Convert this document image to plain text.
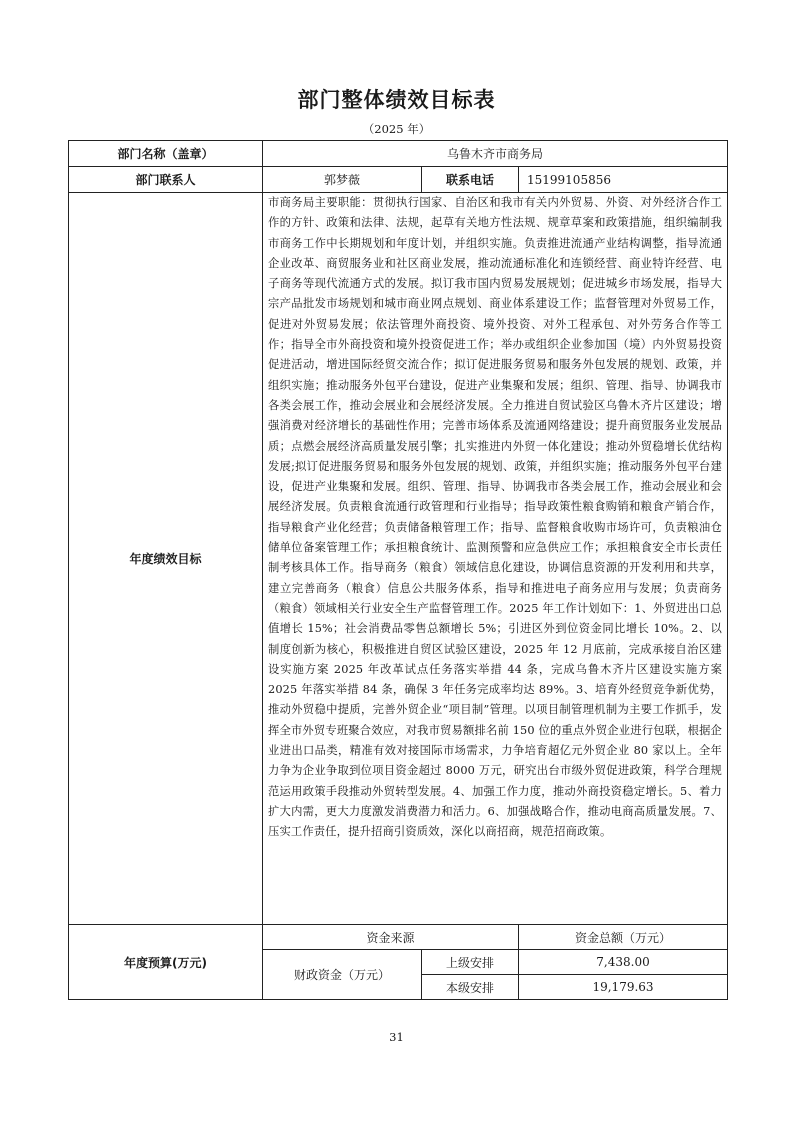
部门整体绩效目标表
（2025 年）
部门名称（盖章）	乌鲁木齐市商务局		
部门联系人	郭梦薇	联系电话	15199105856
年度绩效目标	市商务局主要职能：贯彻执行国家、自治区和我市有关内外贸易、外资、对外经济合作工作的方针、政策和法律、法规，起草有关地方性法规、规章草案和政策措施，组织编制我市商务工作中长期规划和年度计划，并组织实施。负责推进流通产业结构调整，指导流通企业改革、商贸服务业和社区商业发展，推动流通标准化和连锁经营、商业特许经营、电子商务等现代流通方式的发展。拟订我市国内贸易发展规划；促进城乡市场发展，指导大宗产品批发市场规划和城市商业网点规划、商业体系建设工作；监督管理对外贸易工作，促进对外贸易发展；依法管理外商投资、境外投资、对外工程承包、对外劳务合作等工作；指导全市外商投资和境外投资促进工作；举办或组织企业参加国（境）内外贸易投资促进活动，增进国际经贸交流合作；拟订促进服务贸易和服务外包发展的规划、政策，并组织实施；推动服务外包平台建设，促进产业集聚和发展；组织、管理、指导、协调我市各类会展工作，推动会展业和会展经济发展。全力推进自贸试验区乌鲁木齐片区建设；增强消费对经济增长的基础性作用；完善市场体系及流通网络建设；提升商贸服务业发展品质；点燃会展经济高质量发展引擎；扎实推进内外贸一体化建设；推动外贸稳增长优结构发展;拟订促进服务贸易和服务外包发展的规划、政策，并组织实施；推动服务外包平台建设，促进产业集聚和发展。组织、管理、指导、协调我市各类会展工作，推动会展业和会展经济发展。负责粮食流通行政管理和行业指导；指导政策性粮食购销和粮食产销合作，指导粮食产业化经营；负责储备粮管理工作；指导、监督粮食收购市场许可，负责粮油仓储单位备案管理工作；承担粮食统计、监测预警和应急供应工作；承担粮食安全市长责任制考核具体工作。指导商务（粮食）领域信息化建设，协调信息资源的开发利用和共享，建立完善商务（粮食）信息公共服务体系，指导和推进电子商务应用与发展；负责商务（粮食）领域相关行业安全生产监督管理工作。2025 年工作计划如下：1、外贸进出口总值增长 15%；社会消费品零售总额增长 5%；引进区外到位资金同比增长 10%。2、以制度创新为核心，积极推进自贸区试验区建设，2025 年 12 月底前，完成承接自治区建设实施方案 2025 年改革试点任务落实举措 44 条，完成乌鲁木齐片区建设实施方案 2025 年落实举措 84 条，确保 3 年任务完成率均达 89%。3、培育外经贸竞争新优势，推动外贸稳中提质，完善外贸企业“项目制”管理。以项目制管理机制为主要工作抓手，发挥全市外贸专班聚合效应，对我市贸易额排名前 150 位的重点外贸企业进行包联，根据企业进出口品类，精准有效对接国际市场需求，力争培育超亿元外贸企业 80 家以上。全年力争为企业争取到位项目资金超过 8000 万元，研究出台市级外贸促进政策，科学合理规范运用政策手段推动外贸转型发展。4、加强工作力度，推动外商投资稳定增长。5、着力扩大内需，更大力度激发消费潜力和活力。6、加强战略合作，推动电商高质量发展。7、压实工作责任，提升招商引资质效，深化以商招商，规范招商政策。		
年度预算(万元)	资金来源		资金总额（万元）
	财政资金（万元）	上级安排	7,438.00
		本级安排	19,179.63
31
